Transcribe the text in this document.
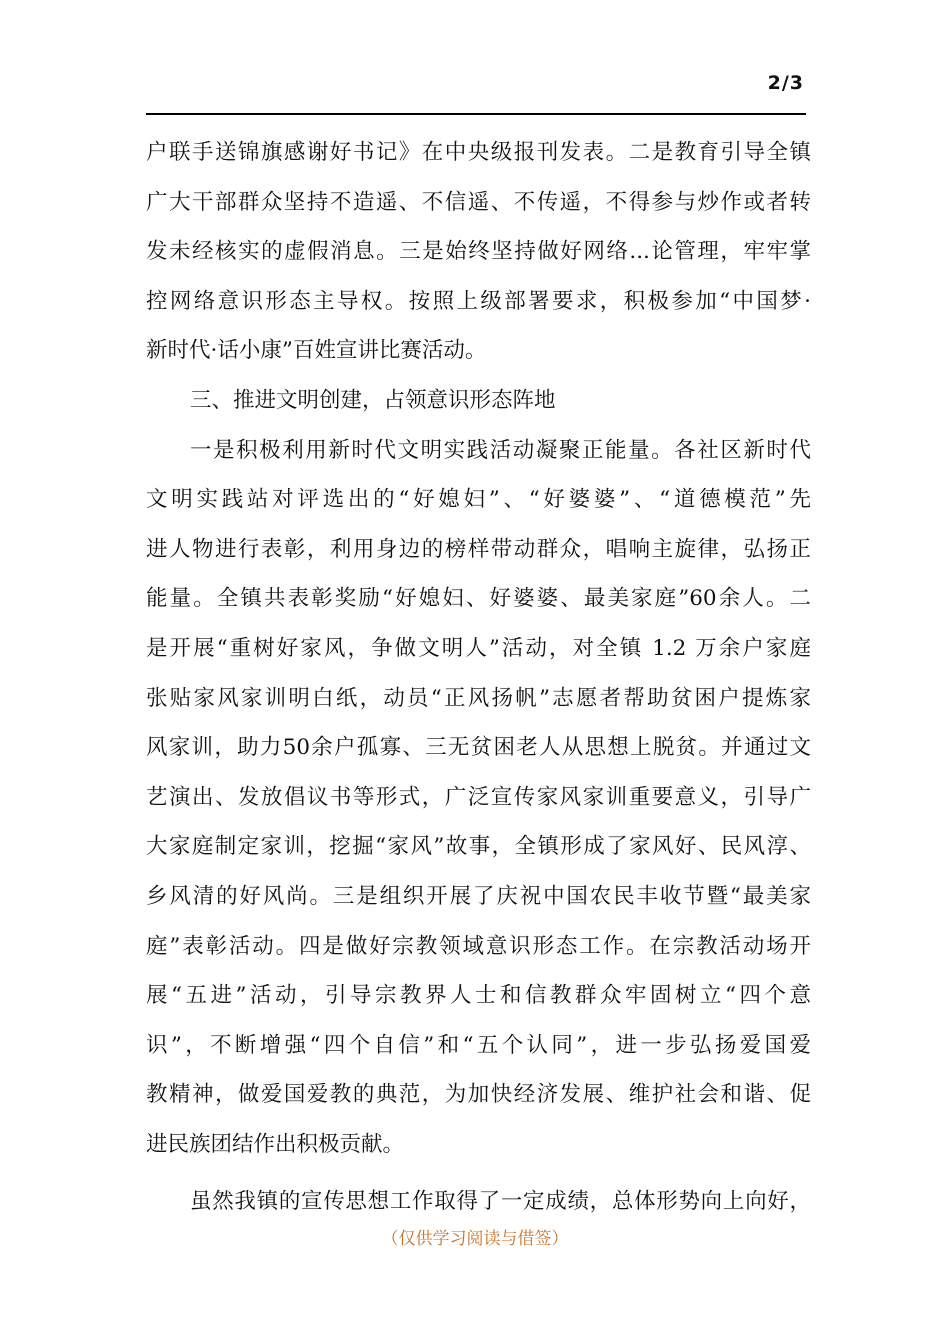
2/3
户联手送锦旗感谢好书记》在中央级报刊发表。二是教育引导全镇
广大干部群众坚持不造遥、不信遥、不传遥，不得参与炒作或者转
发未经核实的虚假消息。三是始终坚持做好网络...论管理，牢牢掌
控网络意识形态主导权。按照上级部署要求，积极参加“中国梦·
新时代·话小康”百姓宣讲比赛活动。
三、推进文明创建，占领意识形态阵地
一是积极利用新时代文明实践活动凝聚正能量。各社区新时代
文明实践站对评选出的“好媳妇”、“好婆婆”、“道德模范”先
进人物进行表彰，利用身边的榜样带动群众，唱响主旋律，弘扬正
能量。全镇共表彰奖励“好媳妇、好婆婆、最美家庭”60余人。二
是开展“重树好家风，争做文明人”活动，对全镇 1.2 万余户家庭
张贴家风家训明白纸，动员“正风扬帆”志愿者帮助贫困户提炼家
风家训，助力50余户孤寡、三无贫困老人从思想上脱贫。并通过文
艺演出、发放倡议书等形式，广泛宣传家风家训重要意义，引导广
大家庭制定家训，挖掘“家风”故事，全镇形成了家风好、民风淳、
乡风清的好风尚。三是组织开展了庆祝中国农民丰收节暨“最美家
庭”表彰活动。四是做好宗教领域意识形态工作。在宗教活动场开
展“五进”活动，引导宗教界人士和信教群众牢固树立“四个意
识”，不断增强“四个自信”和“五个认同”，进一步弘扬爱国爱
教精神，做爱国爱教的典范，为加快经济发展、维护社会和谐、促
进民族团结作出积极贡献。
虽然我镇的宣传思想工作取得了一定成绩，总体形势向上向好，
（仅供学习阅读与借签）
